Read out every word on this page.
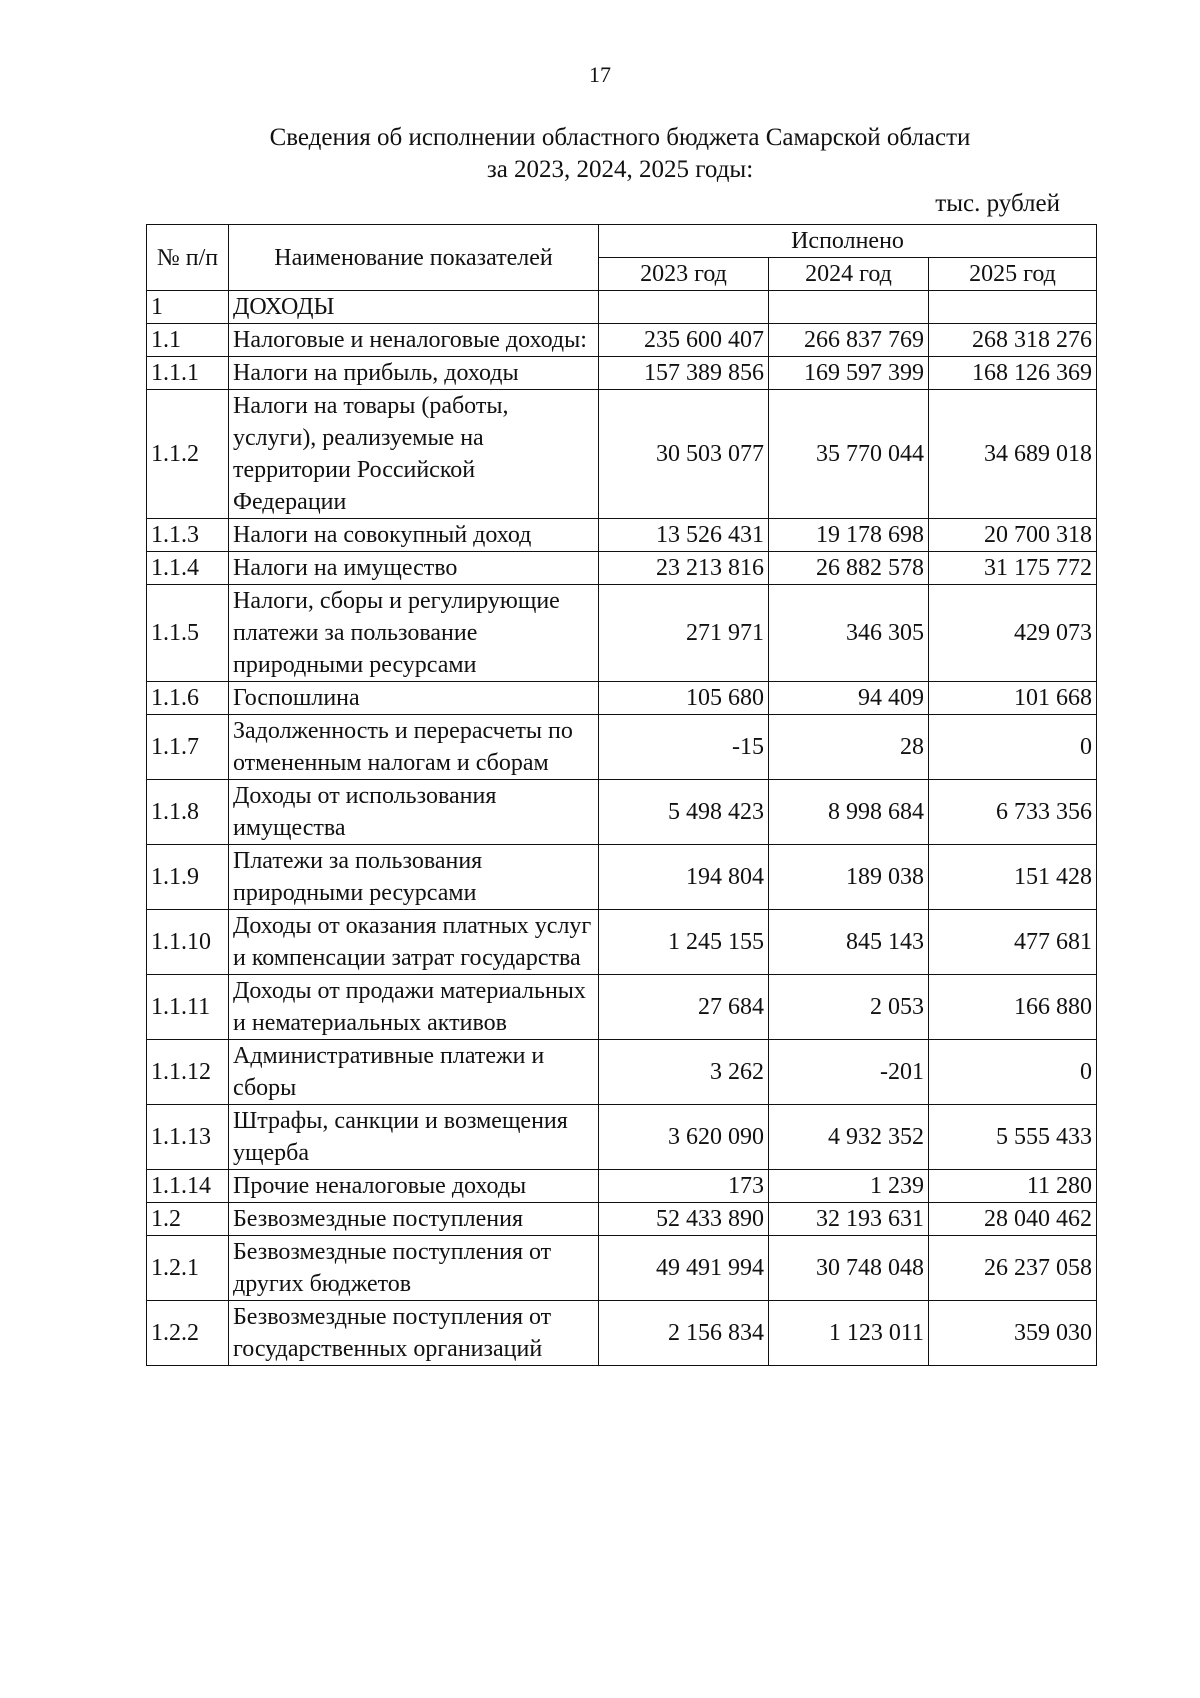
17
Сведения об исполнении областного бюджета Самарской области
за 2023, 2024, 2025 годы:
тыс. рублей
№ п/п	Наименование показателей	Исполнено		
		2023 год	2024 год	2025 год
1	ДОХОДЫ			
1.1	Налоговые и неналоговые доходы:	235 600 407	266 837 769	268 318 276
1.1.1	Налоги на прибыль, доходы	157 389 856	169 597 399	168 126 369
1.1.2	Налоги на товары (работы, услуги), реализуемые на территории Российской Федерации	30 503 077	35 770 044	34 689 018
1.1.3	Налоги на совокупный доход	13 526 431	19 178 698	20 700 318
1.1.4	Налоги на имущество	23 213 816	26 882 578	31 175 772
1.1.5	Налоги, сборы и регулирующие платежи за пользование природными ресурсами	271 971	346 305	429 073
1.1.6	Госпошлина	105 680	94 409	101 668
1.1.7	Задолженность и перерасчеты по отмененным налогам и сборам	-15	28	0
1.1.8	Доходы от использования имущества	5 498 423	8 998 684	6 733 356
1.1.9	Платежи за пользования природными ресурсами	194 804	189 038	151 428
1.1.10	Доходы от оказания платных услуг и компенсации затрат государства	1 245 155	845 143	477 681
1.1.11	Доходы от продажи материальных и нематериальных активов	27 684	2 053	166 880
1.1.12	Административные платежи и сборы	3 262	-201	0
1.1.13	Штрафы, санкции и возмещения ущерба	3 620 090	4 932 352	5 555 433
1.1.14	Прочие неналоговые доходы	173	1 239	11 280
1.2	Безвозмездные поступления	52 433 890	32 193 631	28 040 462
1.2.1	Безвозмездные поступления от других бюджетов	49 491 994	30 748 048	26 237 058
1.2.2	Безвозмездные поступления от государственных организаций	2 156 834	1 123 011	359 030
